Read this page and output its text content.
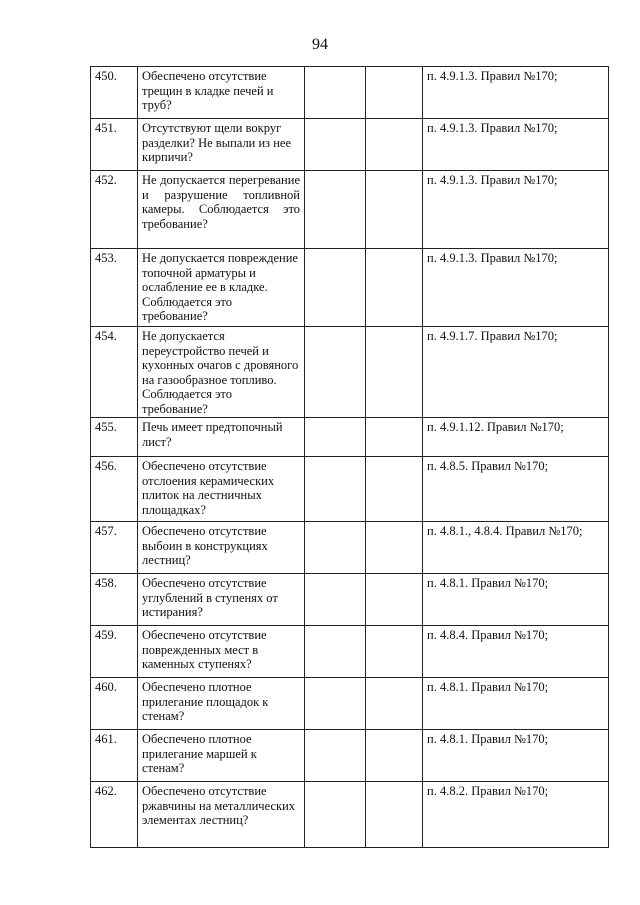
94
450.	Обеспечено отсутствие трещин в кладке печей и труб?			п. 4.9.1.3. Правил №170;
451.	Отсутствуют щели вокруг разделки? Не выпали из нее кирпичи?			п. 4.9.1.3. Правил №170;
452.	Не допускается перегревание и разрушение топливной камеры. Соблюдается это требование?			п. 4.9.1.3. Правил №170;
453.	Не допускается повреждение топочной арматуры и ослабление ее в кладке. Соблюдается это требование?			п. 4.9.1.3. Правил №170;
454.	Не допускается переустройство печей и кухонных очагов с дровяного на газообразное топливо. Соблюдается это требование?			п. 4.9.1.7. Правил №170;
455.	Печь имеет предтопочный лист?			п. 4.9.1.12. Правил №170;
456.	Обеспечено отсутствие отслоения керамических плиток на лестничных площадках?			п. 4.8.5. Правил №170;
457.	Обеспечено отсутствие выбоин в конструкциях лестниц?			п. 4.8.1., 4.8.4. Правил №170;
458.	Обеспечено отсутствие углублений в ступенях от истирания?			п. 4.8.1. Правил №170;
459.	Обеспечено отсутствие поврежденных мест в каменных ступенях?			п. 4.8.4. Правил №170;
460.	Обеспечено плотное прилегание площадок к стенам?			п. 4.8.1. Правил №170;
461.	Обеспечено плотное прилегание маршей к стенам?			п. 4.8.1. Правил №170;
462.	Обеспечено отсутствие ржавчины на металлических элементах лестниц?			п. 4.8.2. Правил №170;
